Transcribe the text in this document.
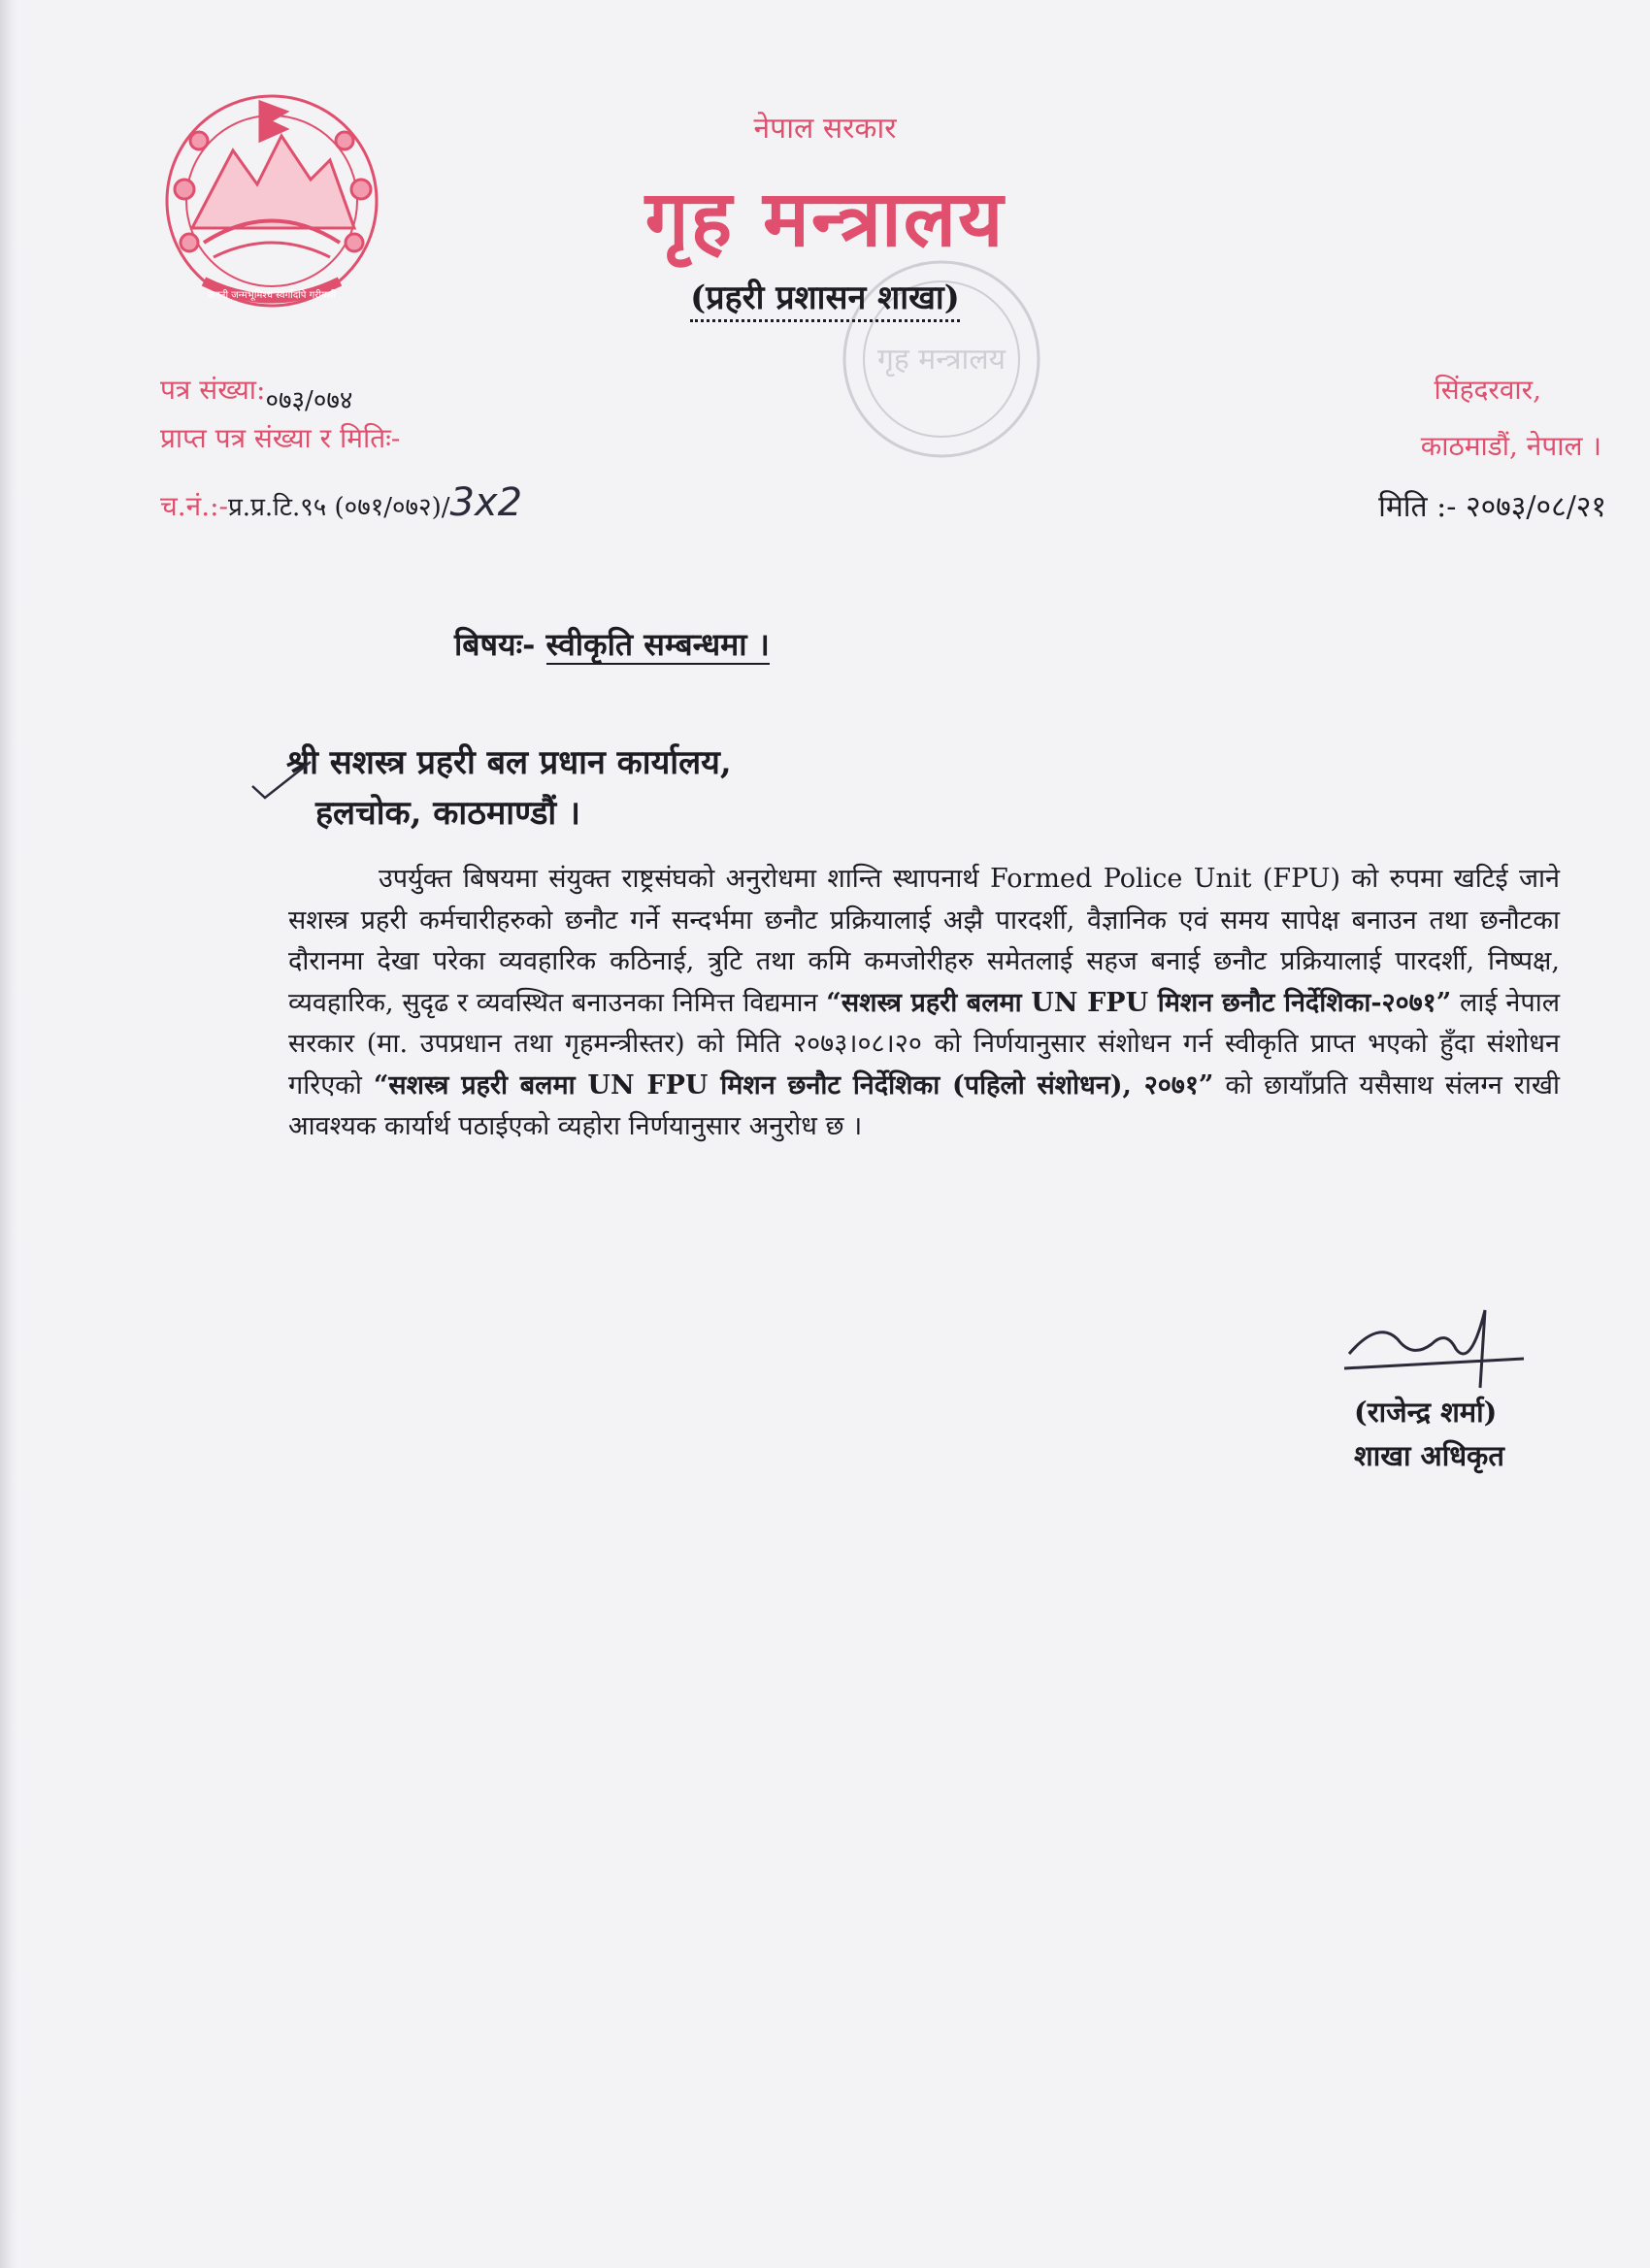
जननी जन्मभूमिश्च स्वर्गादपि गरीयसी
गृह मन्त्रालय
नेपाल सरकार
गृह मन्त्रालय
(प्रहरी प्रशासन शाखा)
पत्र संख्या:०७३/०७४
प्राप्त पत्र संख्या र मितिः-
च.नं.:-प्र.प्र.टि.९५ (०७१/०७२)/3x2
सिंहदरवार,
काठमाडौं, नेपाल ।
मिति :- २०७३/०८/२१
बिषयः- स्वीकृति सम्बन्धमा ।
श्री सशस्त्र प्रहरी बल प्रधान कार्यालय,
हलचोक, काठमाण्डौं ।
उपर्युक्त बिषयमा संयुक्त राष्ट्रसंघको अनुरोधमा शान्ति स्थापनार्थ Formed Police Unit (FPU) को रुपमा खटिई जाने सशस्त्र प्रहरी कर्मचारीहरुको छनौट गर्ने सन्दर्भमा छनौट प्रक्रियालाई अझै पारदर्शी, वैज्ञानिक एवं समय सापेक्ष बनाउन तथा छनौटका दौरानमा देखा परेका व्यवहारिक कठिनाई, त्रुटि तथा कमि कमजोरीहरु समेतलाई सहज बनाई छनौट प्रक्रियालाई पारदर्शी, निष्पक्ष, व्यवहारिक, सुदृढ र व्यवस्थित बनाउनका निमित्त विद्यमान “सशस्त्र प्रहरी बलमा UN FPU मिशन छनौट निर्देशिका-२०७१” लाई नेपाल सरकार (मा. उपप्रधान तथा गृहमन्त्रीस्तर) को मिति २०७३।०८।२० को निर्णयानुसार संशोधन गर्न स्वीकृति प्राप्त भएको हुँदा संशोधन गरिएको “सशस्त्र प्रहरी बलमा UN FPU मिशन छनौट निर्देशिका (पहिलो संशोधन), २०७१” को छायाँप्रति यसैसाथ संलग्न राखी आवश्यक कार्यार्थ पठाईएको व्यहोरा निर्णयानुसार अनुरोध छ ।
(राजेन्द्र शर्मा)
शाखा अधिकृत
